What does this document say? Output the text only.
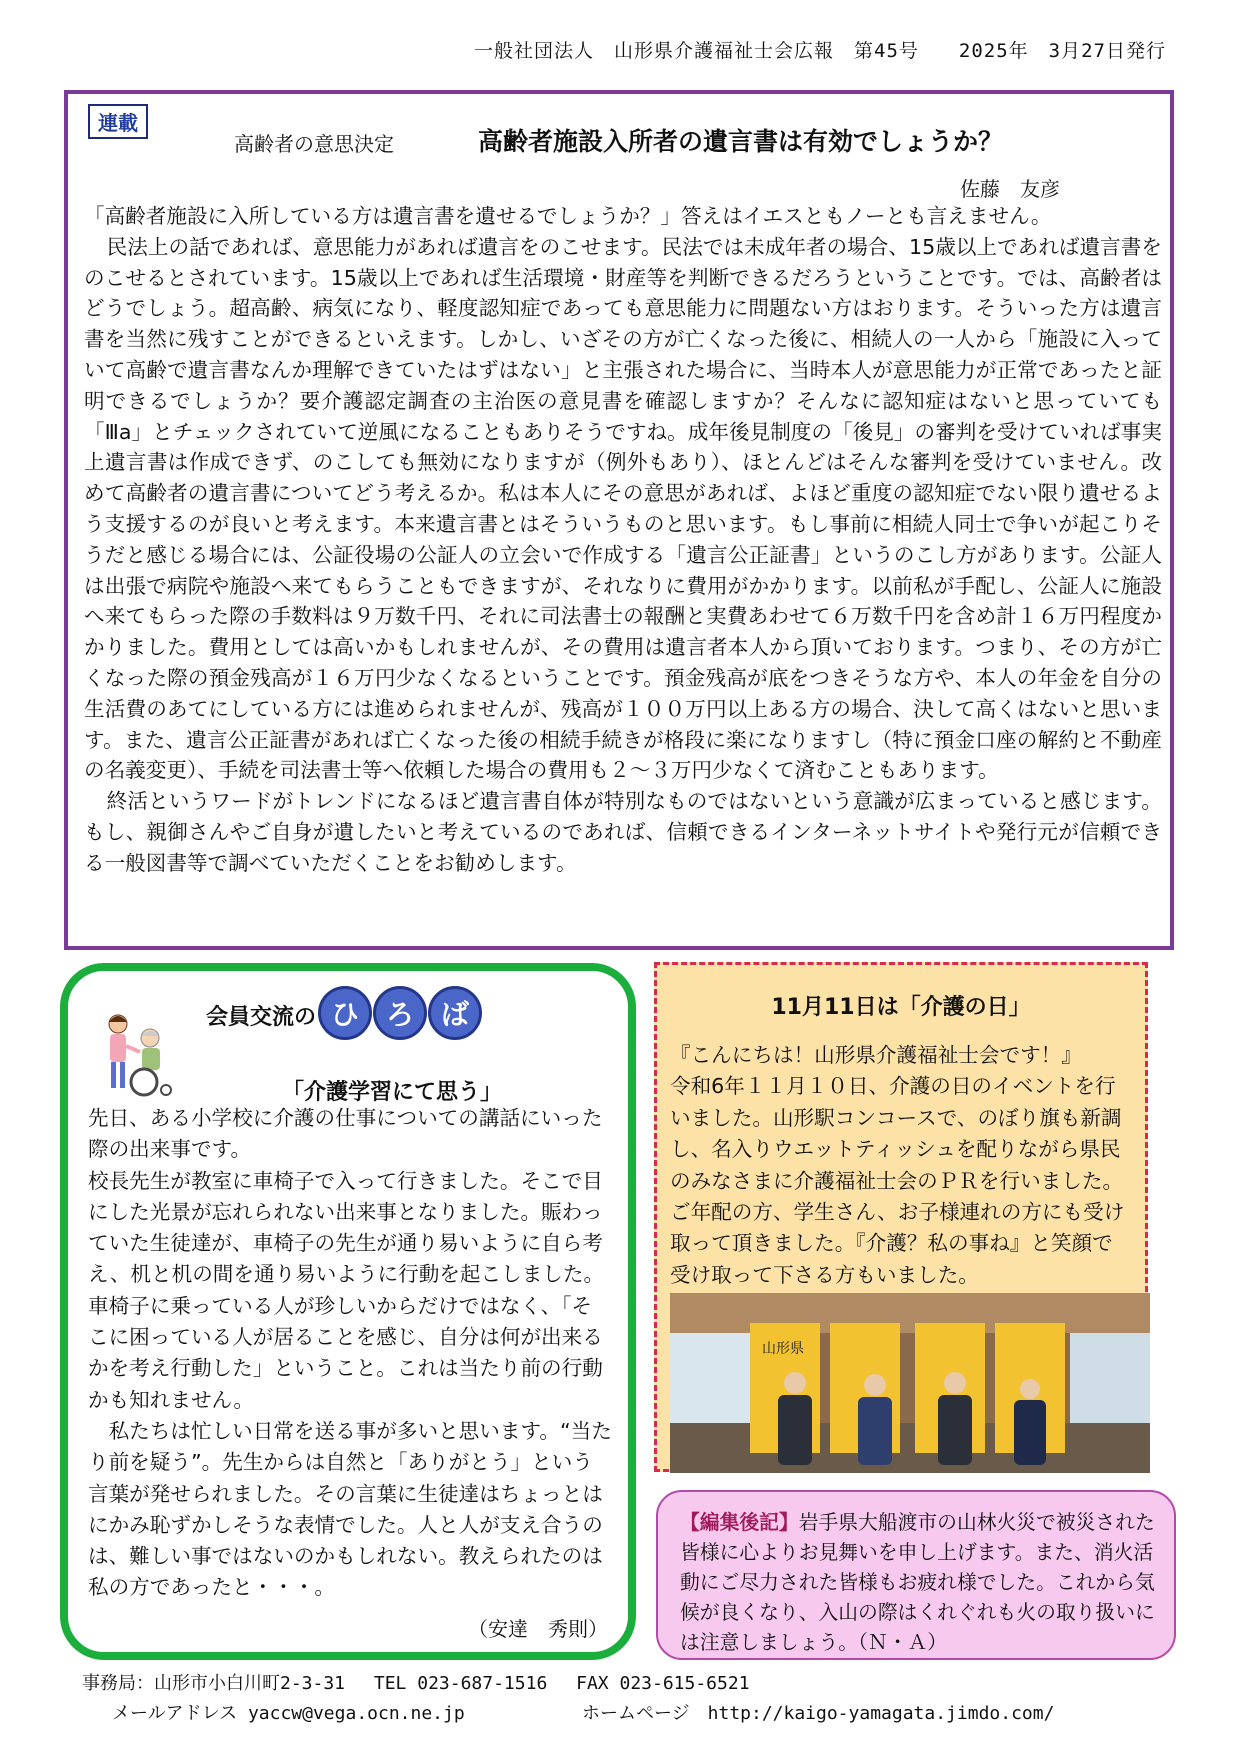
一般社団法人　山形県介護福祉士会広報　第45号　　 2025年　3月27日発行
連載
高齢者の意思決定	高齢者施設入所者の遺言書は有効でしょうか？
佐藤　友彦

「高齢者施設に入所している方は遺言書を遺せるでしょうか？」答えはイエスともノーとも言えません。

民法上の話であれば、意思能力があれば遺言をのこせます。民法では未成年者の場合、15歳以上であれば遺言書をのこせるとされています。15歳以上であれば生活環境・財産等を判断できるだろうということです。では、高齢者はどうでしょう。超高齢、病気になり、軽度認知症であっても意思能力に問題ない方はおります。そういった方は遺言書を当然に残すことができるといえます。しかし、いざその方が亡くなった後に、相続人の一人から「施設に入っていて高齢で遺言書なんか理解できていたはずはない」と主張された場合に、当時本人が意思能力が正常であったと証明できるでしょうか？要介護認定調査の主治医の意見書を確認しますか？そんなに認知症はないと思っていても「Ⅲa」とチェックされていて逆風になることもありそうですね。成年後見制度の「後見」の審判を受けていれば事実上遺言書は作成できず、のこしても無効になりますが（例外もあり）、ほとんどはそんな審判を受けていません。改めて高齢者の遺言書についてどう考えるか。私は本人にその意思があれば、よほど重度の認知症でない限り遺せるよう支援するのが良いと考えます。本来遺言書とはそういうものと思います。もし事前に相続人同士で争いが起こりそうだと感じる場合には、公証役場の公証人の立会いで作成する「遺言公正証書」というのこし方があります。公証人は出張で病院や施設へ来てもらうこともできますが、それなりに費用がかかります。以前私が手配し、公証人に施設へ来てもらった際の手数料は９万数千円、それに司法書士の報酬と実費あわせて６万数千円を含め計１６万円程度かかりました。費用としては高いかもしれませんが、その費用は遺言者本人から頂いております。つまり、その方が亡くなった際の預金残高が１６万円少なくなるということです。預金残高が底をつきそうな方や、本人の年金を自分の生活費のあてにしている方には進められませんが、残高が１００万円以上ある方の場合、決して高くはないと思います。また、遺言公正証書があれば亡くなった後の相続手続きが格段に楽になりますし（特に預金口座の解約と不動産の名義変更）、手続を司法書士等へ依頼した場合の費用も２～３万円少なくて済むこともあります。

終活というワードがトレンドになるほど遺言書自体が特別なものではないという意識が広まっていると感じます。もし、親御さんやご自身が遺したいと考えているのであれば、信頼できるインターネットサイトや発行元が信頼できる一般図書等で調べていただくことをお勧めします。

会員交流の ひ ろ ば
「介護学習にて思う」

先日、ある小学校に介護の仕事についての講話にいった際の出来事です。

校長先生が教室に車椅子で入って行きました。そこで目にした光景が忘れられない出来事となりました。賑わっていた生徒達が、車椅子の先生が通り易いように自ら考え、机と机の間を通り易いように行動を起こしました。車椅子に乗っている人が珍しいからだけではなく、「そこに困っている人が居ることを感じ、自分は何が出来るかを考え行動した」ということ。これは当たり前の行動かも知れません。

　私たちは忙しい日常を送る事が多いと思います。“当たり前を疑う”。先生からは自然と「ありがとう」という言葉が発せられました。その言葉に生徒達はちょっとはにかみ恥ずかしそうな表情でした。人と人が支え合うのは、難しい事ではないのかもしれない。教えられたのは私の方であったと・・・。

（安達　秀則）
11月11日は「介護の日」

『こんにちは！山形県介護福祉士会です！』

令和6年１１月１０日、介護の日のイベントを行いました。山形駅コンコースで、のぼり旗も新調し、名入りウエットティッシュを配りながら県民のみなさまに介護福祉士会のＰＲを行いました。ご年配の方、学生さん、お子様連れの方にも受け取って頂きました。『介護？私の事ね』と笑顔で受け取って下さる方もいました。

山形県

【編集後記】岩手県大船渡市の山林火災で被災された皆様に心よりお見舞いを申し上げます。また、消火活動にご尽力された皆様もお疲れ様でした。これから気候が良くなり、入山の際はくれぐれも火の取り扱いには注意しましょう。（Ｎ・Ａ）

事務局：山形市小白川町2-3-31　 TEL 023-687-1516　 FAX 023-615-6521
メールアドレス yaccw@vega.ocn.ne.jp	ホームページ　 http://kaigo-yamagata.jimdo.com/
